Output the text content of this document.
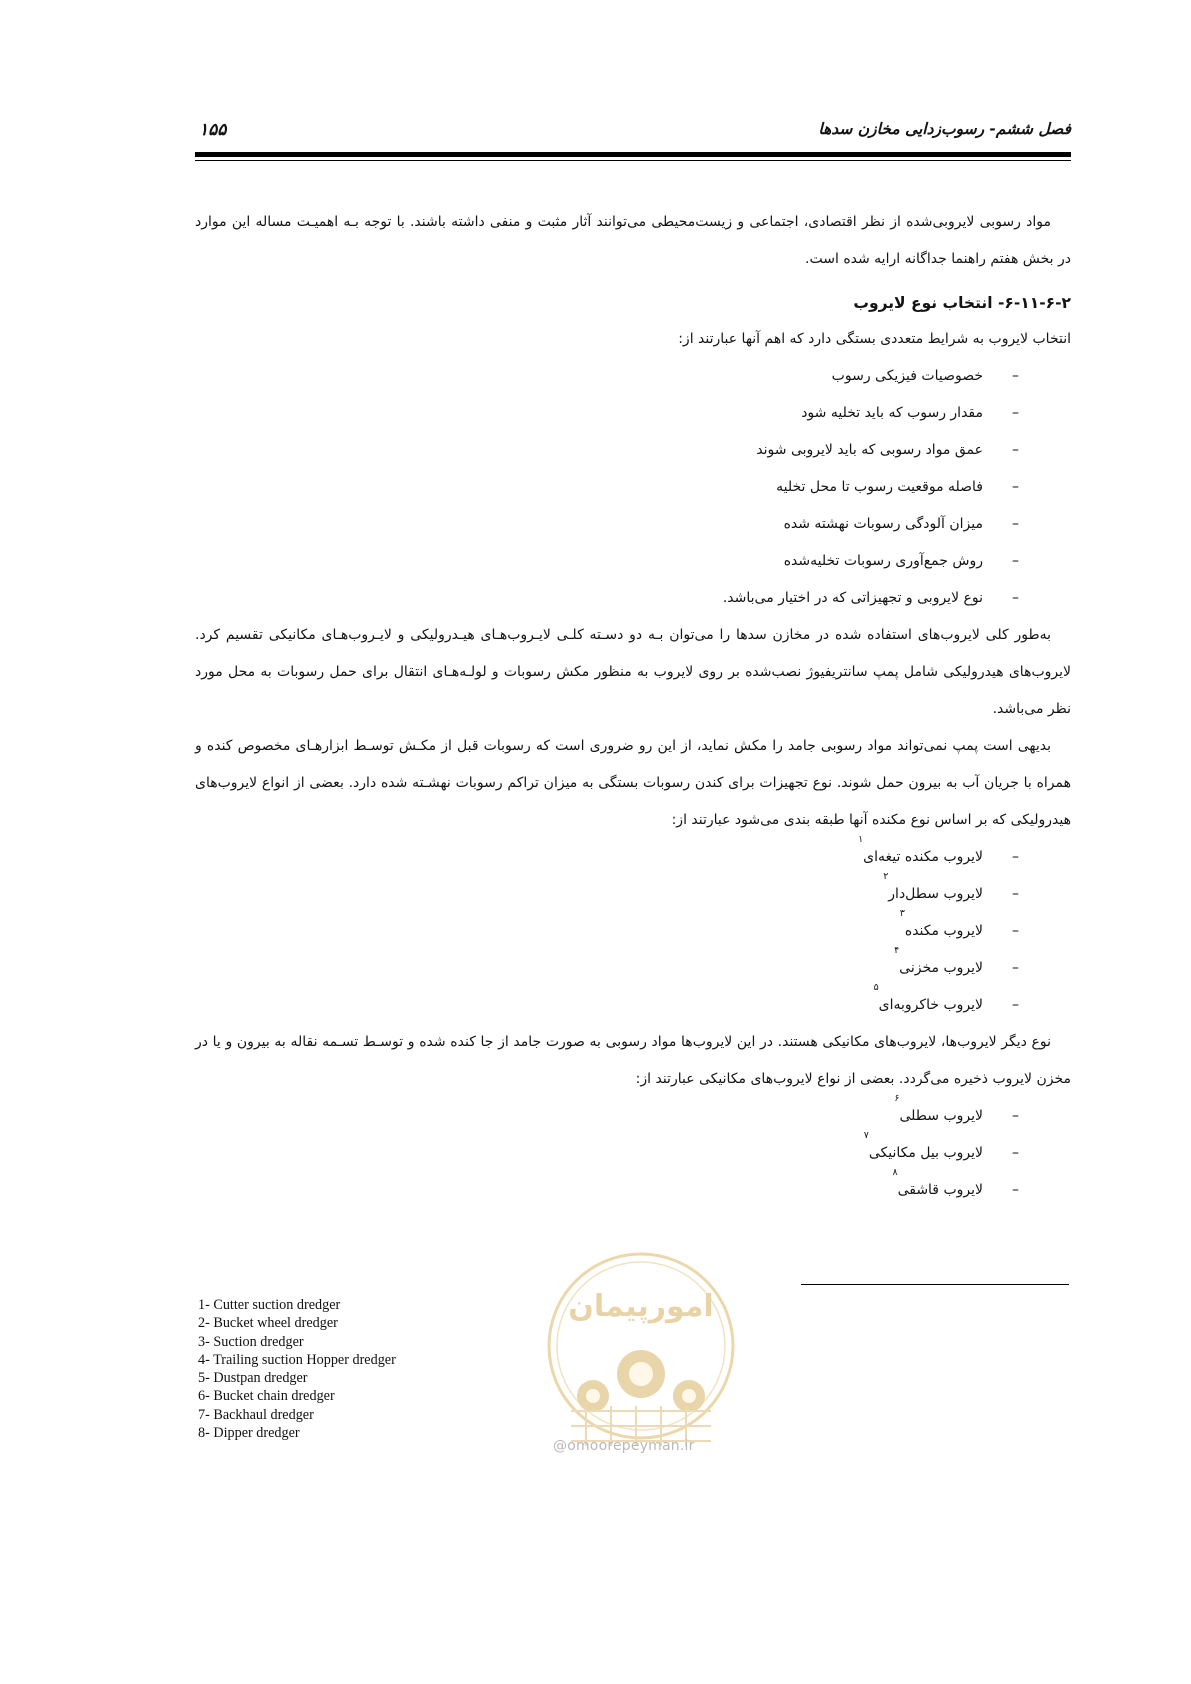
فصل ششم- رسوب‌زدایی مخازن سدها
۱۵۵

مواد رسوبی لایروبی‌شده از نظر اقتصادی، اجتماعی و زیست‌محیطی می‌توانند آثار مثبت و منفی داشته باشند. با توجه بـه اهمیـت مساله این موارد در بخش هفتم راهنما جداگانه ارایه شده است.

۶-۱۱-۶-۲- انتخاب نوع لایروب

انتخاب لایروب به شرایط متعددی بستگی دارد که اهم آنها عبارتند از:

–خصوصیات فیزیکی رسوب
–مقدار رسوب که باید تخلیه شود
–عمق مواد رسوبی که باید لایروبی شوند
–فاصله موقعیت رسوب تا محل تخلیه
–میزان آلودگی رسوبات نهشته شده
–روش جمع‌آوری رسوبات تخلیه‌شده
–نوع لایروبی و تجهیزاتی که در اختیار می‌باشد.

به‌طور کلی لایروب‌های استفاده شده در مخازن سدها را می‌توان بـه دو دسـته کلـی لایـروب‌هـای هیـدرولیکی و لایـروب‌هـای مکانیکی تقسیم کرد. لایروب‌های هیدرولیکی شامل پمپ سانتریفیوژ نصب‌شده بر روی لایروب به منظور مکش رسوبات و لولـه‌هـای انتقال برای حمل رسوبات به محل مورد نظر می‌باشد.

بدیهی است پمپ نمی‌تواند مواد رسوبی جامد را مکش نماید، از این رو ضروری است که رسوبات قبل از مکـش توسـط ابزارهـای مخصوص کنده و همراه با جریان آب به بیرون حمل شوند. نوع تجهیزات برای کندن رسوبات بستگی به میزان تراکم رسوبات نهشـته شده دارد. بعضی از انواع لایروب‌های هیدرولیکی که بر اساس نوع مکنده آنها طبقه بندی می‌شود عبارتند از:

–لایروب مکنده تیغه‌ای$^۱$
–لایروب سطل‌دار$^۲$
–لایروب مکنده$^۳$
–لایروب مخزنی$^۴$
–لایروب خاکروبه‌ای$^۵$

نوع دیگر لایروب‌ها، لایروب‌های مکانیکی هستند. در این لایروب‌ها مواد رسوبی به صورت جامد از جا کنده شده و توسـط تسـمه نقاله به بیرون و یا در مخزن لایروب ذخیره می‌گردد. بعضی از نواع لایروب‌های مکانیکی عبارتند از:

–لایروب سطلی$^۶$
–لایروب بیل مکانیکی$^۷$
–لایروب قاشقی$^۸$
امورپیمان
@omoorepeyman.ir
1- Cutter suction dredger
2- Bucket wheel dredger
3- Suction dredger
4- Trailing suction Hopper dredger
5- Dustpan dredger
6- Bucket chain dredger
7- Backhaul dredger
8- Dipper dredger
